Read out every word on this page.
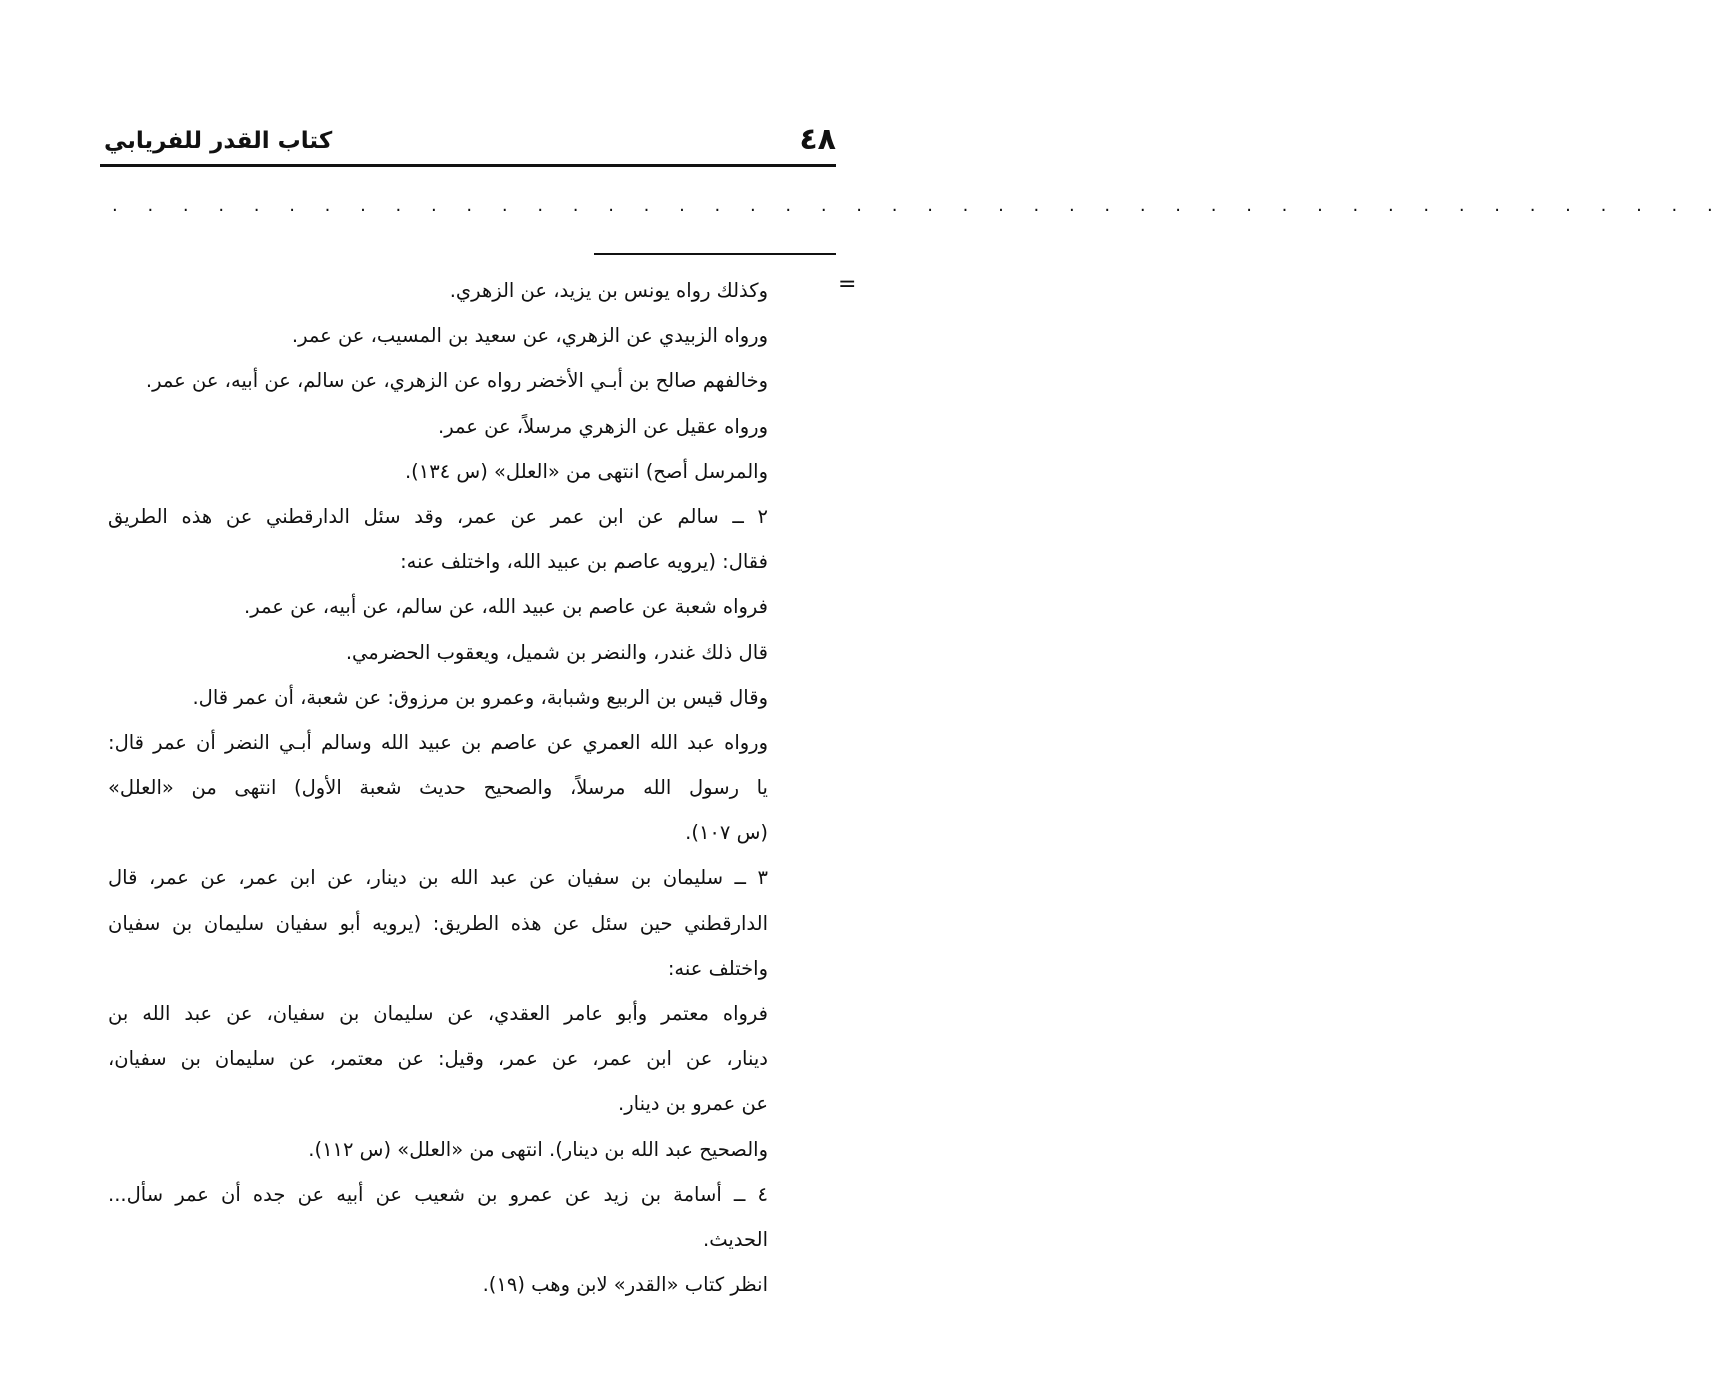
٤٨
كتاب القدر للفريابي
. . . . . . . . . . . . . . . . . . . . . . . . . . . . . . . . . . . . . . . . . . . . . .
=
وكذلك رواه يونس بن يزيد، عن الزهري.
ورواه الزبيدي عن الزهري، عن سعيد بن المسيب، عن عمر.
وخالفهم صالح بن أبـي الأخضر رواه عن الزهري، عن سالم، عن أبيه، عن عمر.
ورواه عقيل عن الزهري مرسلاً، عن عمر.
والمرسل أصح) انتهى من «العلل» (س ١٣٤).
٢ ــ سالم عن ابن عمر عن عمر، وقد سئل الدارقطني عن هذه الطريق
فقال: (يرويه عاصم بن عبيد الله، واختلف عنه:
فرواه شعبة عن عاصم بن عبيد الله، عن سالم، عن أبيه، عن عمر.
قال ذلك غندر، والنضر بن شميل، ويعقوب الحضرمي.
وقال قيس بن الربيع وشبابة، وعمرو بن مرزوق: عن شعبة، أن عمر قال.
ورواه عبد الله العمري عن عاصم بن عبيد الله وسالم أبـي النضر أن عمر قال:
يا رسول الله مرسلاً، والصحيح حديث شعبة الأول) انتهى من «العلل»
(س ١٠٧).
٣ ــ سليمان بن سفيان عن عبد الله بن دينار، عن ابن عمر، عن عمر، قال
الدارقطني حين سئل عن هذه الطريق: (يرويه أبو سفيان سليمان بن سفيان
واختلف عنه:
فرواه معتمر وأبو عامر العقدي، عن سليمان بن سفيان، عن عبد الله بن
دينار، عن ابن عمر، عن عمر، وقيل: عن معتمر، عن سليمان بن سفيان،
عن عمرو بن دينار.
والصحيح عبد الله بن دينار). انتهى من «العلل» (س ١١٢).
٤ ــ أسامة بن زيد عن عمرو بن شعيب عن أبيه عن جده أن عمر سأل...
الحديث.
انظر كتاب «القدر» لابن وهب (١٩).
